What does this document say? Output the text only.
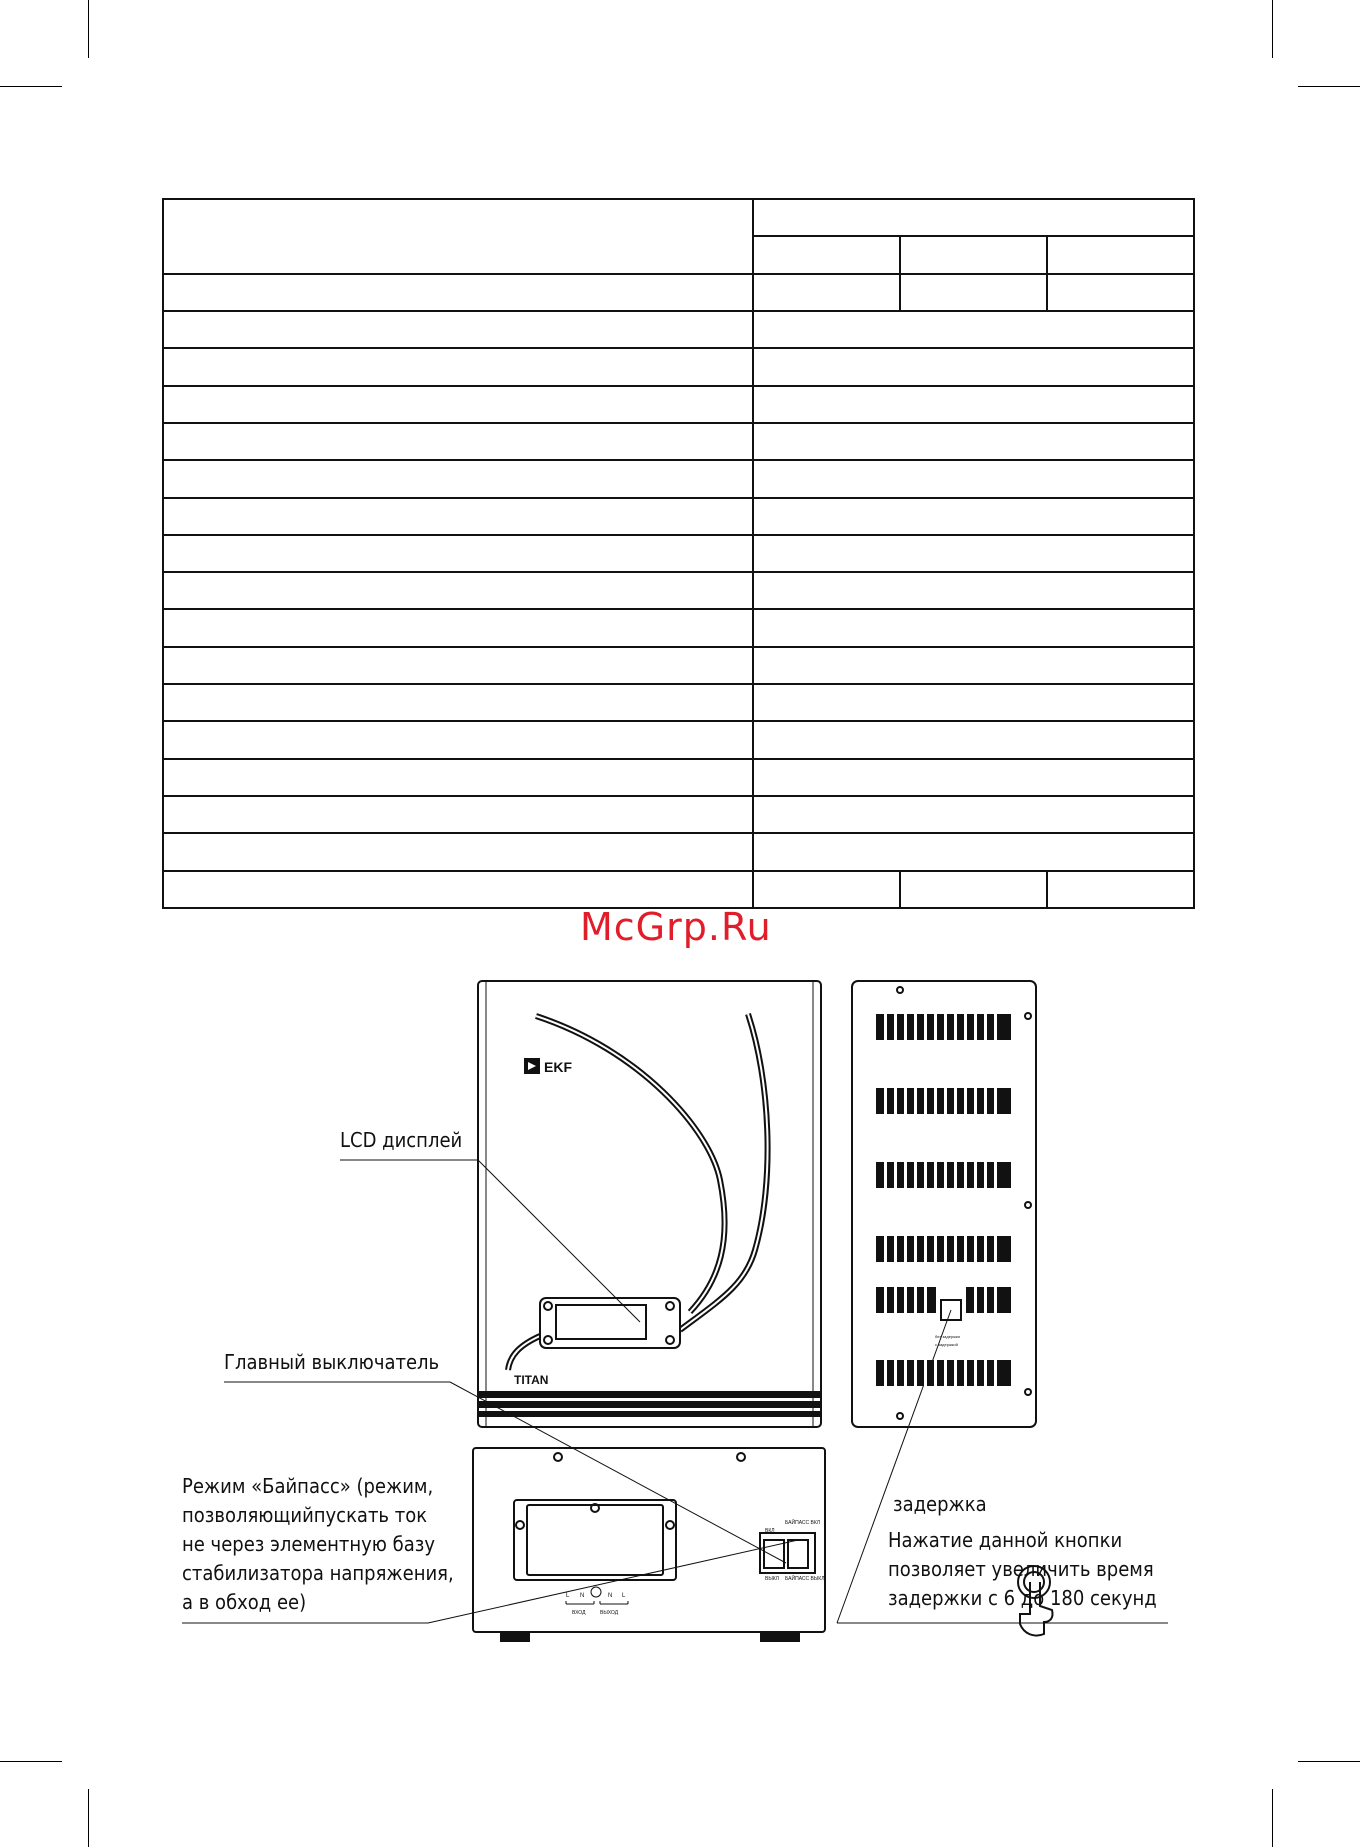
McGrp.Ru
EKF
TITAN
ВКЛ
БАЙПАСС ВКЛ
ВЫКЛ БАЙПАСС ВЫКЛ
без задержки
с задержкой
L N	N L
ВХОД	ВЫХОД
LCD дисплей
Главный выключатель
Режим «Байпасс» (режим,
позволяющийпускать ток
не через элементную базу
стабилизатора напряжения,
а в обход ее)
задержка
Нажатие данной кнопки
позволяет увеличить время
задержки с 6 до 180 секунд
